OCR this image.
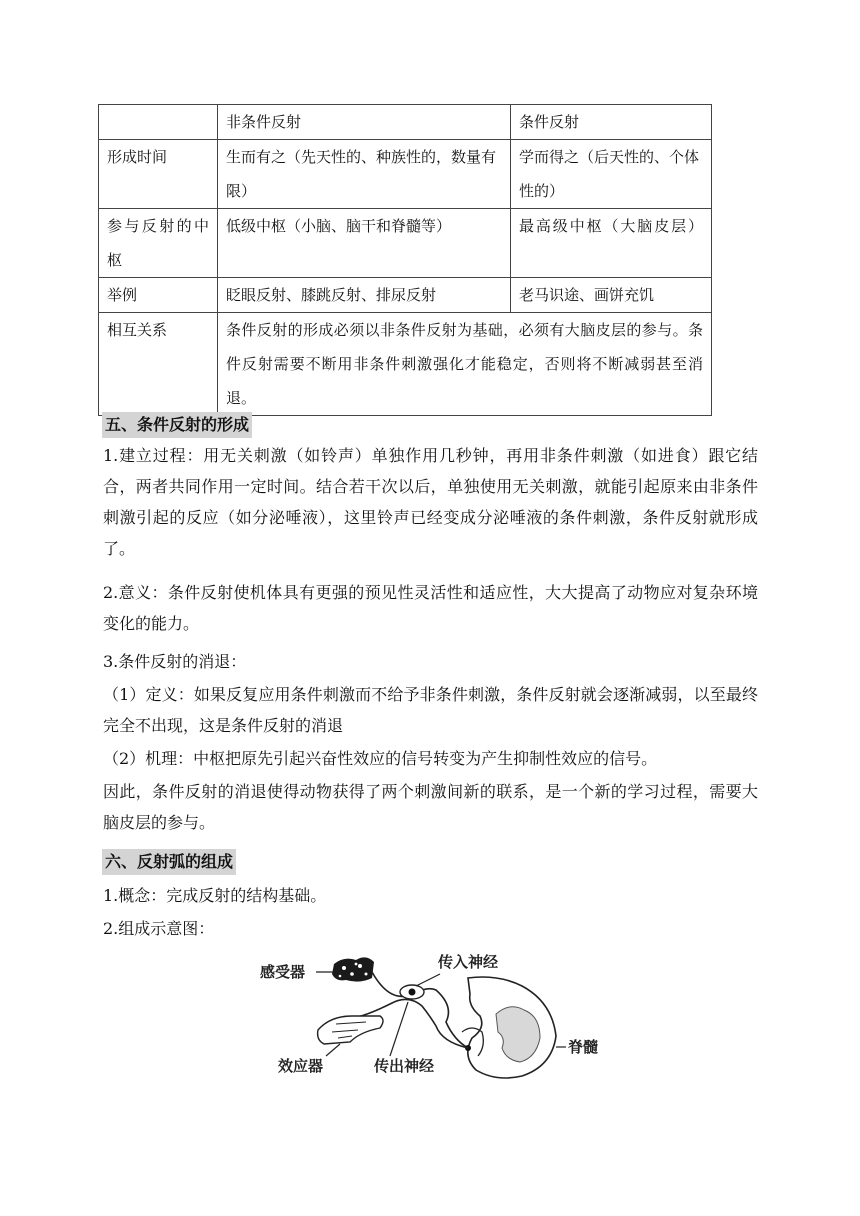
	非条件反射	条件反射
形成时间	生而有之（先天性的、种族性的，数量有限）	学而得之（后天性的、个体性的）
参与反射的中枢	低级中枢（小脑、脑干和脊髓等）	最高级中枢（大脑皮层）
举例	眨眼反射、膝跳反射、排尿反射	老马识途、画饼充饥
相互关系	条件反射的形成必须以非条件反射为基础，必须有大脑皮层的参与。条件反射需要不断用非条件刺激强化才能稳定，否则将不断减弱甚至消退。	
五、条件反射的形成

1.建立过程：用无关刺激（如铃声）单独作用几秒钟，再用非条件刺激（如进食）跟它结合，两者共同作用一定时间。结合若干次以后，单独使用无关刺激，就能引起原来由非条件刺激引起的反应（如分泌唾液），这里铃声已经变成分泌唾液的条件刺激，条件反射就形成了。

2.意义：条件反射使机体具有更强的预见性灵活性和适应性，大大提高了动物应对复杂环境变化的能力。

3.条件反射的消退：

（1）定义：如果反复应用条件刺激而不给予非条件刺激，条件反射就会逐渐减弱，以至最终完全不出现，这是条件反射的消退

（2）机理：中枢把原先引起兴奋性效应的信号转变为产生抑制性效应的信号。

因此，条件反射的消退使得动物获得了两个刺激间新的联系，是一个新的学习过程，需要大脑皮层的参与。

六、反射弧的组成

1.概念：完成反射的结构基础。

2.组成示意图：

感受器
传入神经
脊髓
效应器	传出神经
